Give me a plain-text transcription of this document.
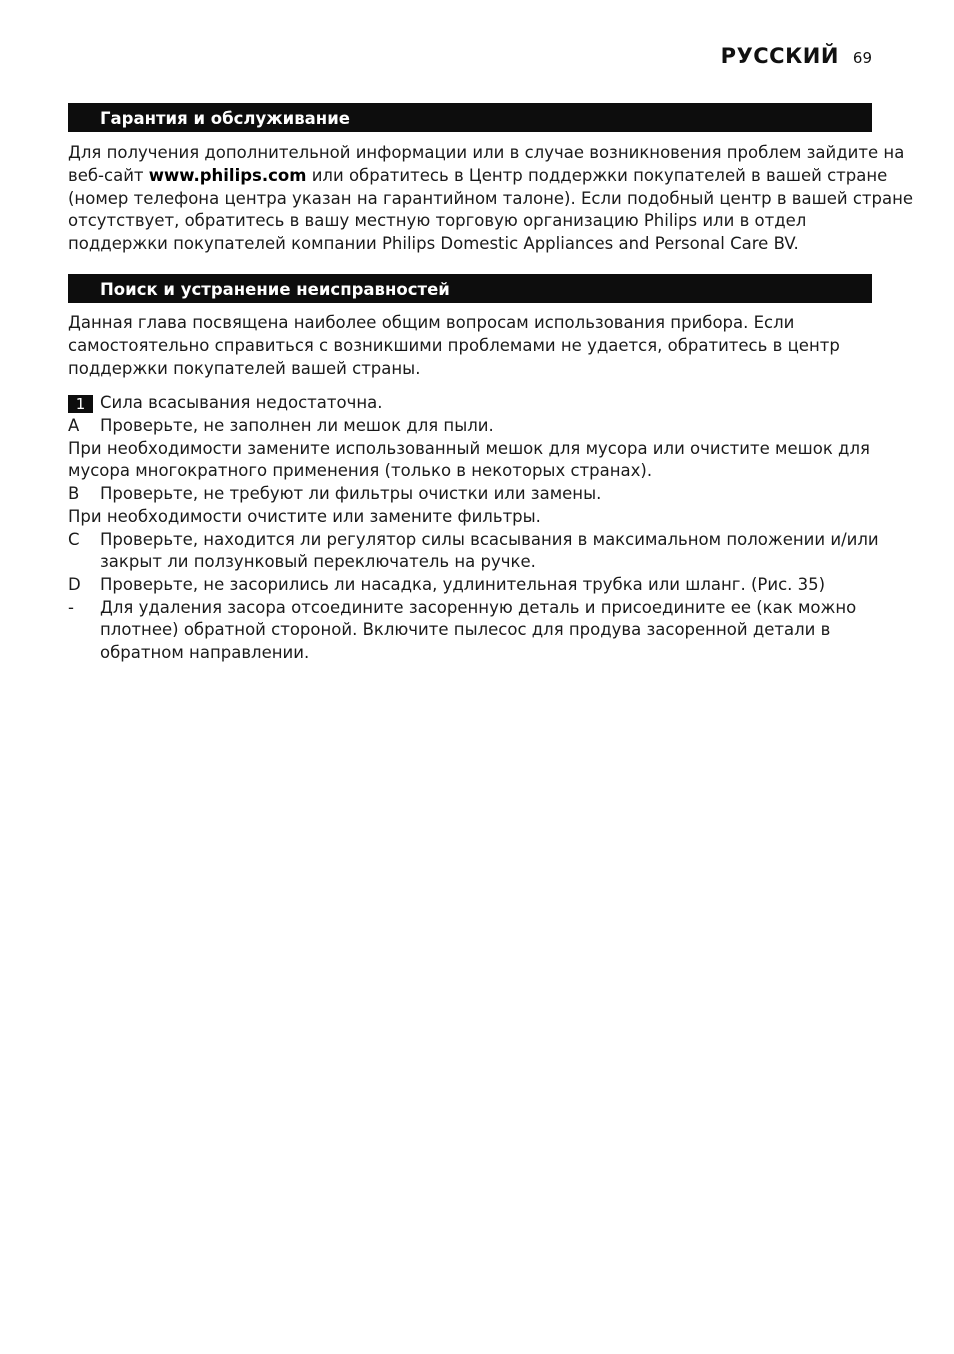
РУССКИЙ 69
Гарантия и обслуживание

Для получения дополнительной информации или в случае возникновения проблем зайдите на

веб-сайт www.philips.com или обратитесь в Центр поддержки покупателей в вашей стране

(номер телефона центра указан на гарантийном талоне). Если подобный центр в вашей стране

отсутствует, обратитесь в вашу местную торговую организацию Philips или в отдел

поддержки покупателей компании Philips Domestic Appliances and Personal Care BV.

Поиск и устранение неисправностей

Данная глава посвящена наиболее общим вопросам использования прибора. Если

самостоятельно справиться с возникшими проблемами не удается, обратитесь в центр

поддержки покупателей вашей страны.

1 Сила всасывания недостаточна.
A Проверьте, не заполнен ли мешок для пыли.
При необходимости замените использованный мешок для мусора или очистите мешок для
мусора многократного применения (только в некоторых странах).
B Проверьте, не требуют ли фильтры очистки или замены.
При необходимости очистите или замените фильтры.
C Проверьте, находится ли регулятор силы всасывания в максимальном положении и/или
закрыт ли ползунковый переключатель на ручке.
D Проверьте, не засорились ли насадка, удлинительная трубка или шланг. (Рис. 35)
- Для удаления засора отсоедините засоренную деталь и присоедините ее (как можно
плотнее) обратной стороной. Включите пылесос для продува засоренной детали в
обратном направлении.
